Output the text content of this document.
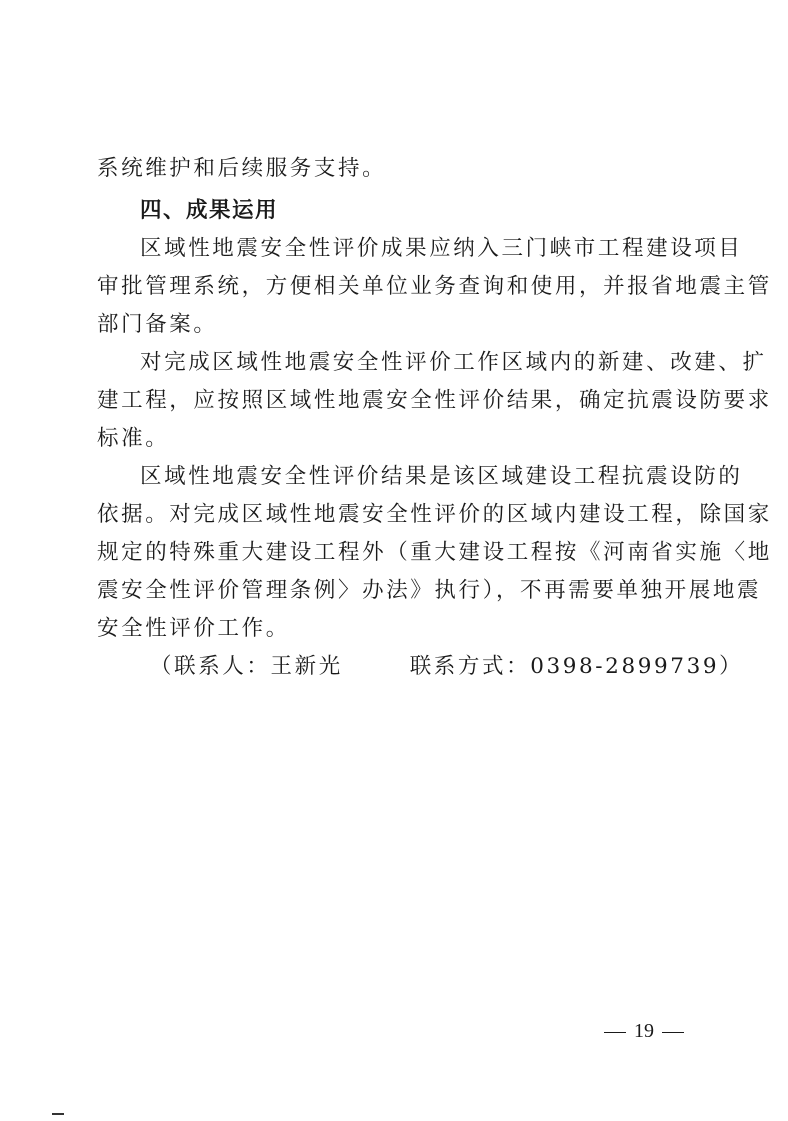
系统维护和后续服务支持。
四、成果运用
区域性地震安全性评价成果应纳入三门峡市工程建设项目
审批管理系统，方便相关单位业务查询和使用，并报省地震主管
部门备案。
对完成区域性地震安全性评价工作区域内的新建、改建、扩
建工程，应按照区域性地震安全性评价结果，确定抗震设防要求
标准。
区域性地震安全性评价结果是该区域建设工程抗震设防的
依据。对完成区域性地震安全性评价的区域内建设工程，除国家
规定的特殊重大建设工程外（重大建设工程按《河南省实施〈地
震安全性评价管理条例〉办法》执行），不再需要单独开展地震
安全性评价工作。
（联系人：王新光	联系方式：0398-2899739）
19
